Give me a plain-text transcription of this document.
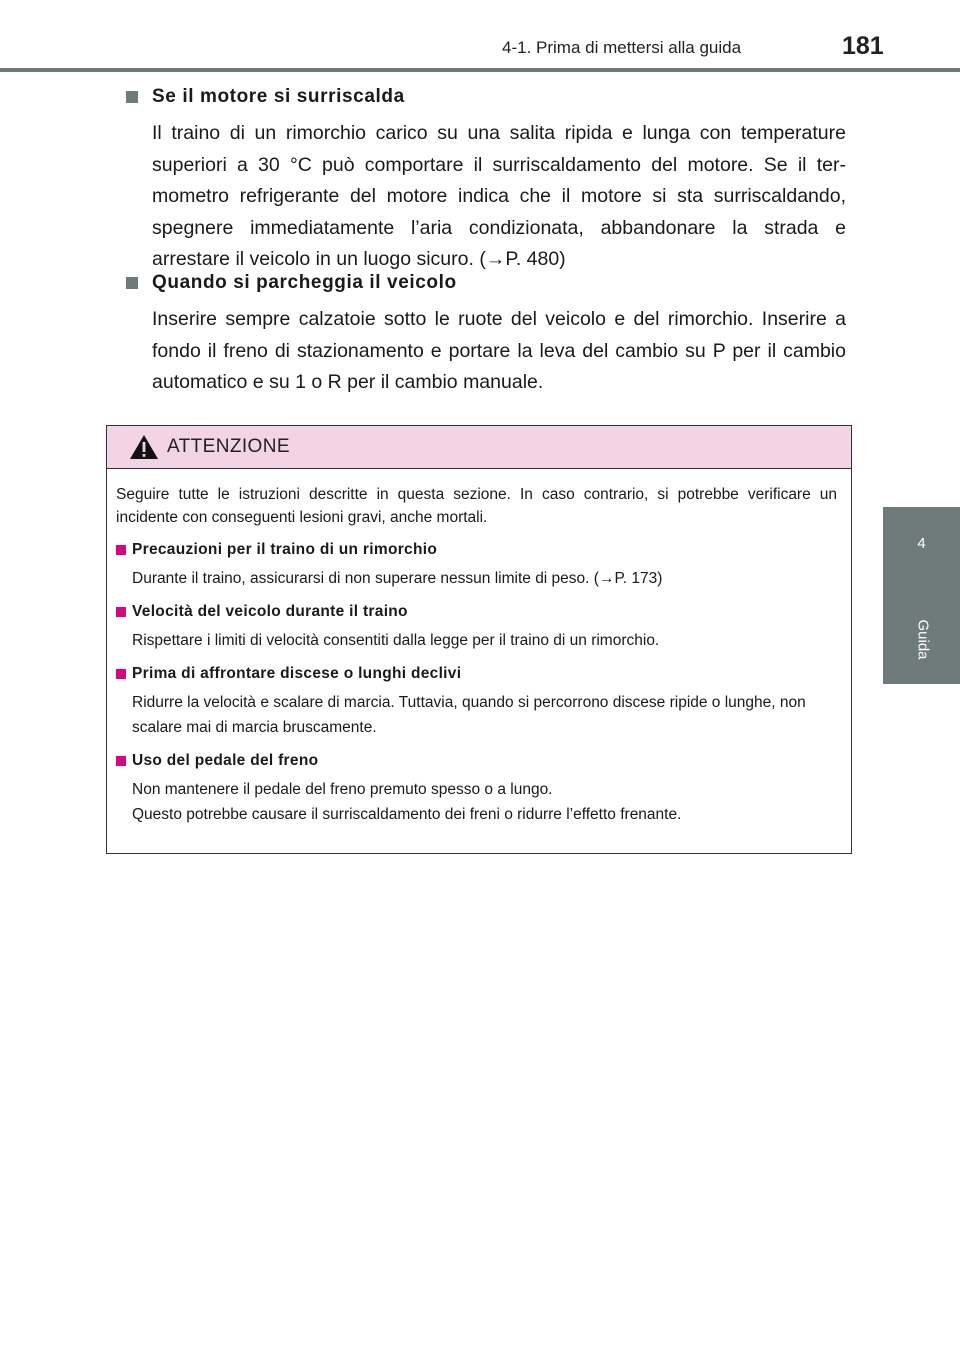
4-1. Prima di mettersi alla guida	181
4
Guida
Se il motore si surriscalda
Il traino di un rimorchio carico su una salita ripida e lunga con temperature superiori a 30 °C può comportare il surriscaldamento del motore. Se il ter-mometro refrigerante del motore indica che il motore si sta surriscaldando, spegnere immediatamente l’aria condizionata, abbandonare la strada e arrestare il veicolo in un luogo sicuro. (→P. 480)
Quando si parcheggia il veicolo
Inserire sempre calzatoie sotto le ruote del veicolo e del rimorchio. Inserire a fondo il freno di stazionamento e portare la leva del cambio su P per il cambio automatico e su 1 o R per il cambio manuale.
ATTENZIONE
Seguire tutte le istruzioni descritte in questa sezione. In caso contrario, si potrebbe verificare un incidente con conseguenti lesioni gravi, anche mortali.
Precauzioni per il traino di un rimorchio
Durante il traino, assicurarsi di non superare nessun limite di peso. (→P. 173)
Velocità del veicolo durante il traino
Rispettare i limiti di velocità consentiti dalla legge per il traino di un rimorchio.
Prima di affrontare discese o lunghi declivi
Ridurre la velocità e scalare di marcia. Tuttavia, quando si percorrono discese ripide o lunghe, non scalare mai di marcia bruscamente.
Uso del pedale del freno
Non mantenere il pedale del freno premuto spesso o a lungo.
Questo potrebbe causare il surriscaldamento dei freni o ridurre l’effetto frenante.
